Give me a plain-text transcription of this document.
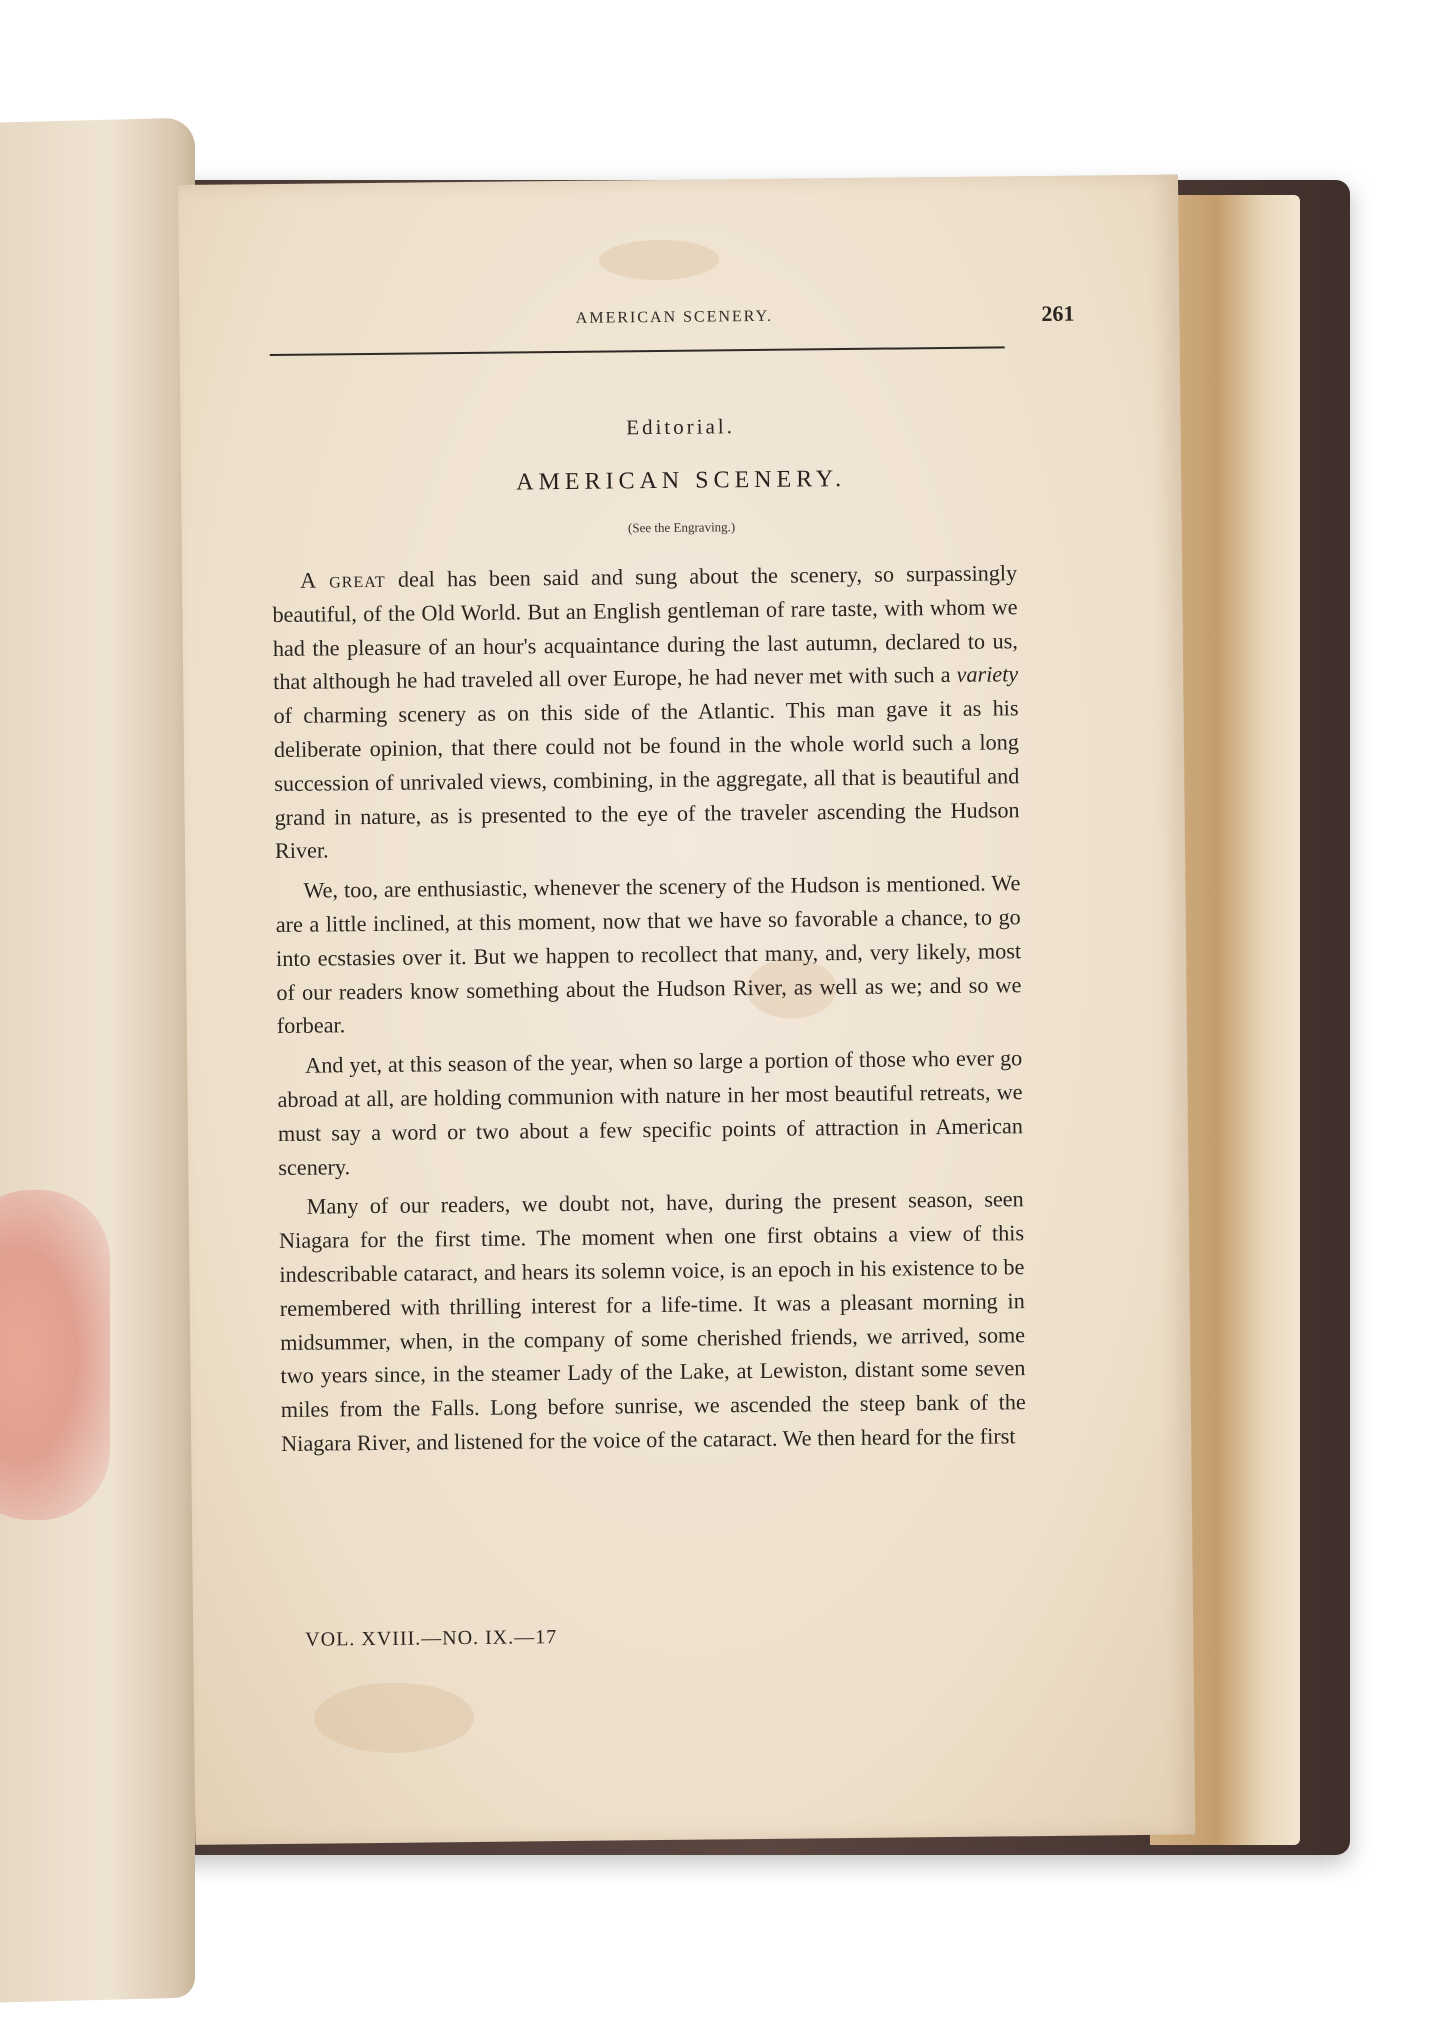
AMERICAN SCENERY.	261
Editorial.
AMERICAN SCENERY.
(See the Engraving.)

A great deal has been said and sung about the scenery, so surpassingly beautiful, of the Old World. But an English gentleman of rare taste, with whom we had the pleasure of an hour's acquaintance during the last autumn, declared to us, that although he had traveled all over Europe, he had never met with such a variety of charming scenery as on this side of the Atlantic. This man gave it as his deliberate opinion, that there could not be found in the whole world such a long succession of unrivaled views, combining, in the aggregate, all that is beautiful and grand in nature, as is presented to the eye of the traveler ascending the Hudson River.

We, too, are enthusiastic, whenever the scenery of the Hudson is mentioned. We are a little inclined, at this moment, now that we have so favorable a chance, to go into ecstasies over it. But we happen to recollect that many, and, very likely, most of our readers know something about the Hudson River, as well as we; and so we forbear.

And yet, at this season of the year, when so large a portion of those who ever go abroad at all, are holding communion with nature in her most beautiful retreats, we must say a word or two about a few specific points of attraction in American scenery.

Many of our readers, we doubt not, have, during the present season, seen Niagara for the first time. The moment when one first obtains a view of this indescribable cataract, and hears its solemn voice, is an epoch in his existence to be remembered with thrilling interest for a life-time. It was a pleasant morning in midsummer, when, in the company of some cherished friends, we arrived, some two years since, in the steamer Lady of the Lake, at Lewiston, distant some seven miles from the Falls. Long before sunrise, we ascended the steep bank of the Niagara River, and listened for the voice of the cataract. We then heard for the first

VOL. XVIII.—NO. IX.—17
